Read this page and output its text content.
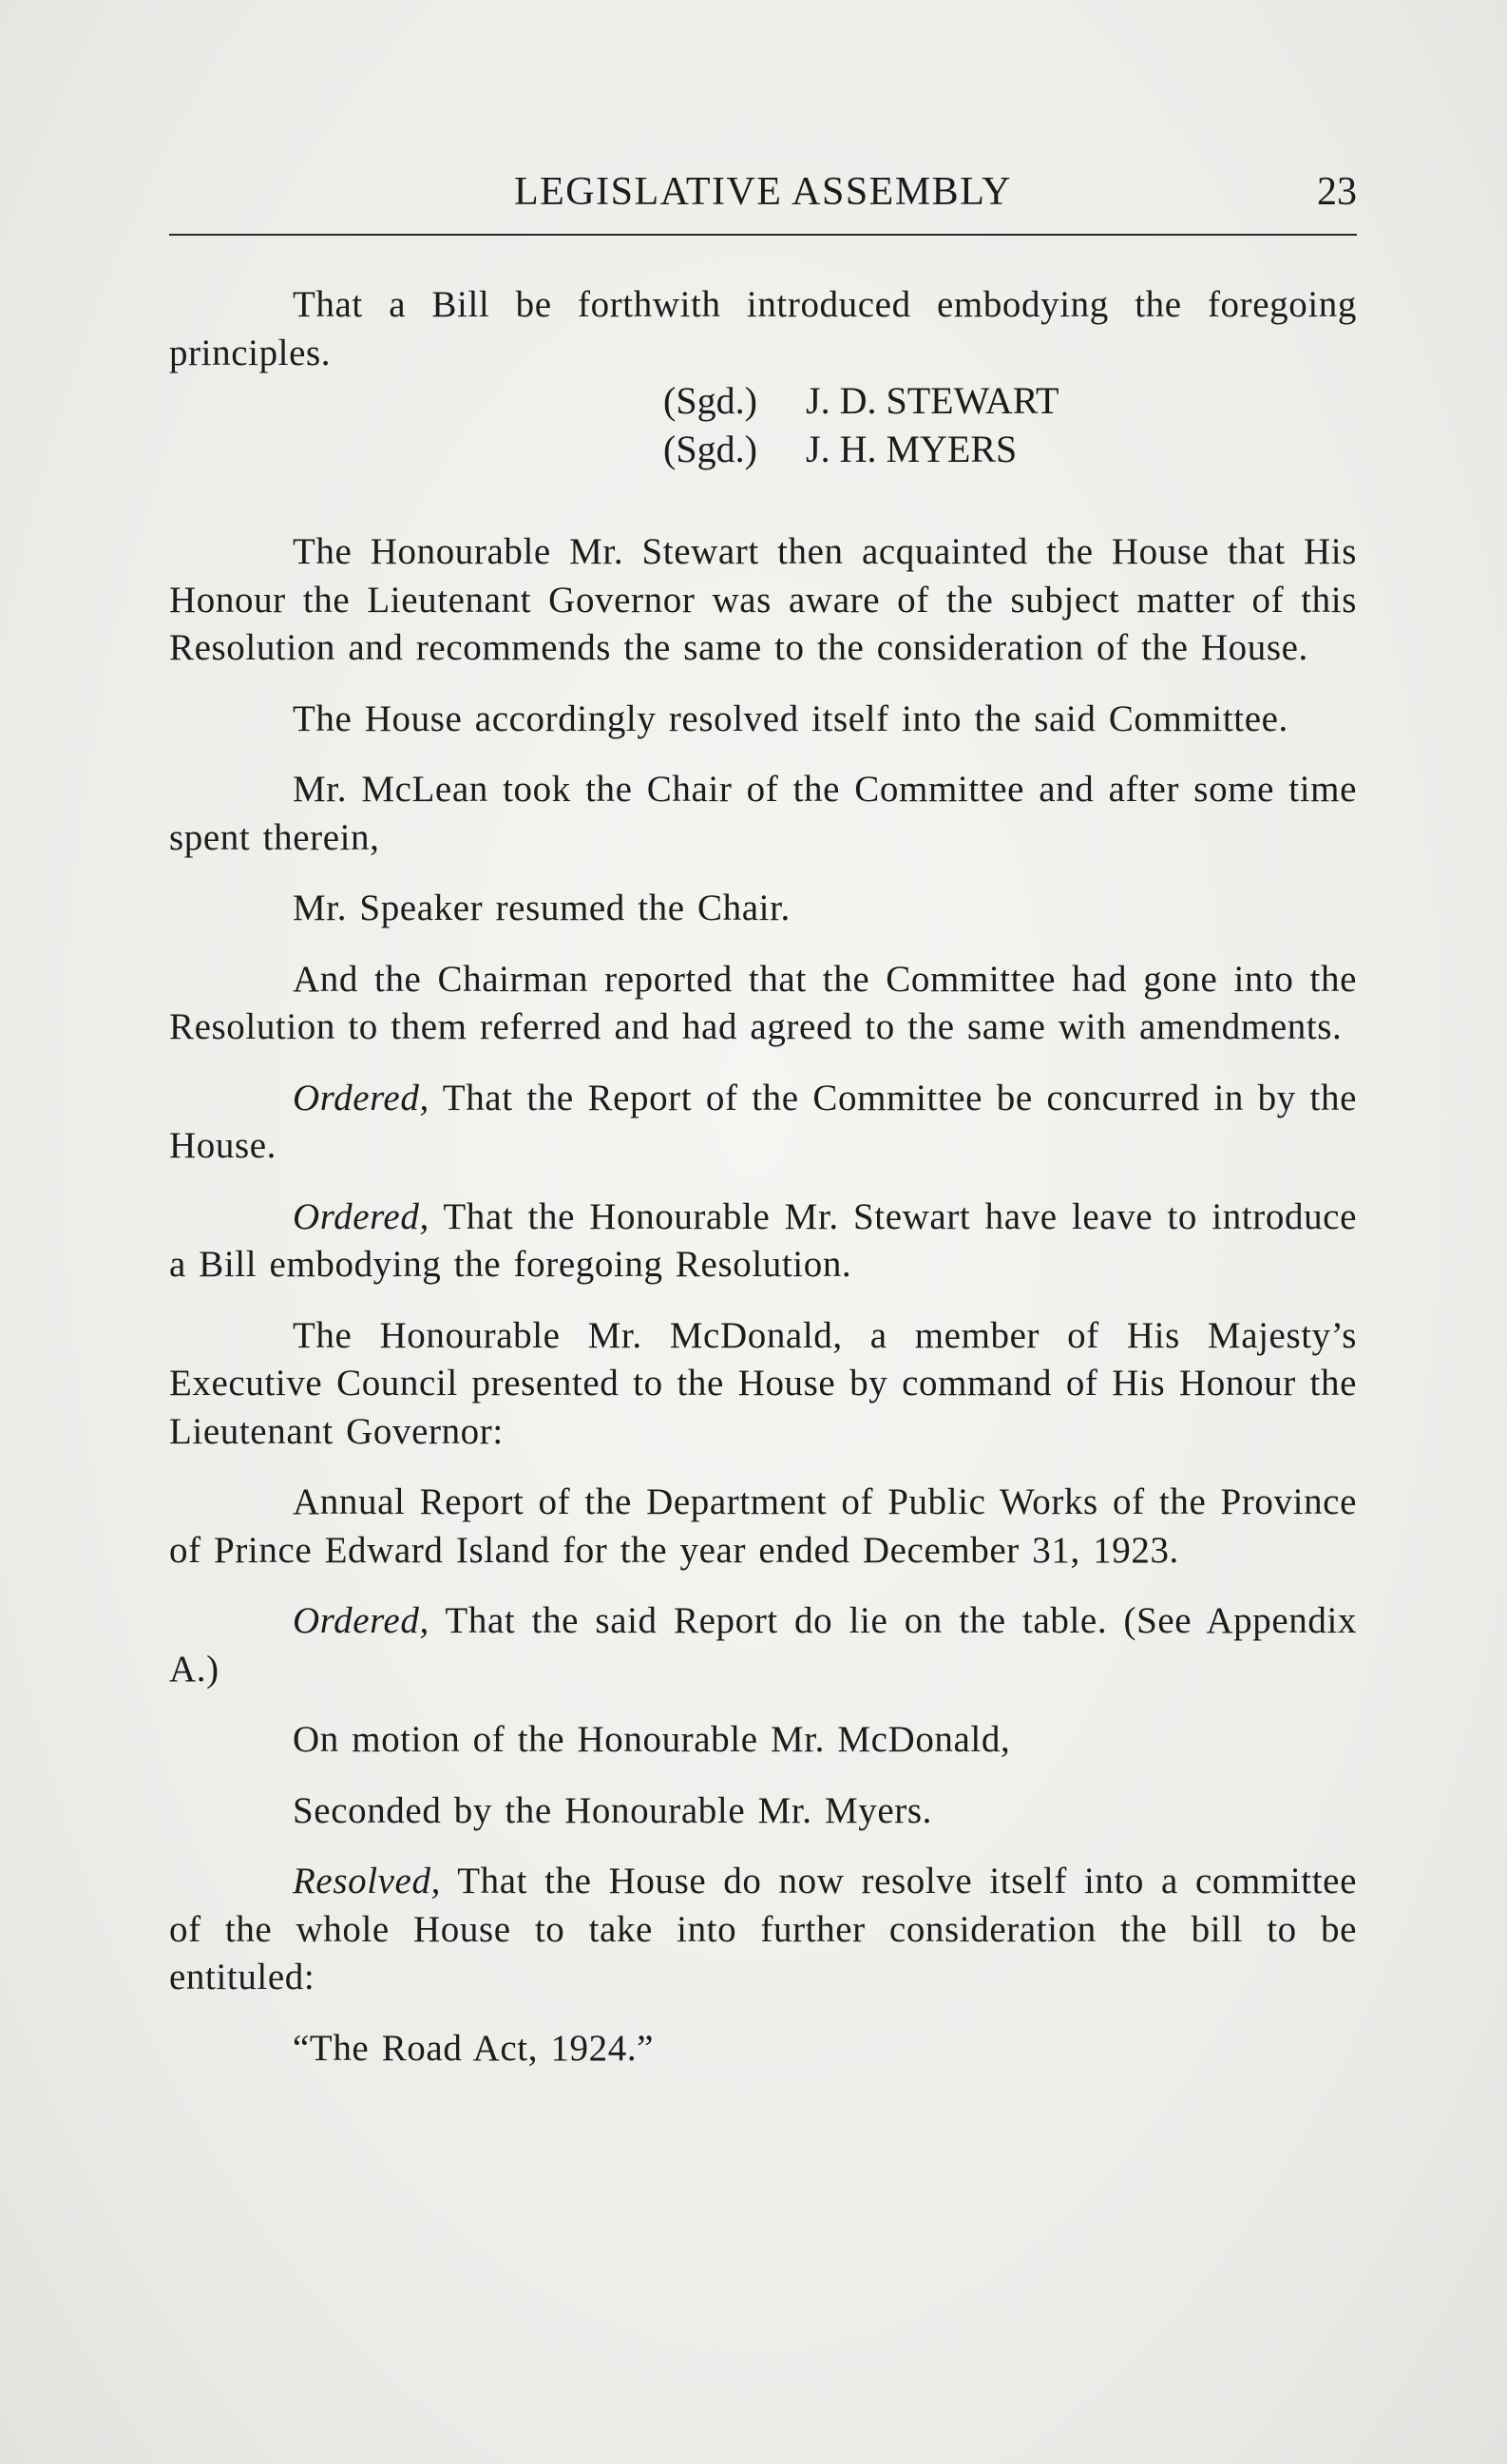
LEGISLATIVE ASSEMBLY	23

That a Bill be forthwith introduced embodying the foregoing principles.

(Sgd.) J. D. STEWART
(Sgd.) J. H. MYERS

The Honourable Mr. Stewart then acquainted the House that His Honour the Lieutenant Governor was aware of the subject matter of this Resolution and recommends the same to the consideration of the House.

The House accordingly resolved itself into the said Committee.

Mr. McLean took the Chair of the Committee and after some time spent therein,

Mr. Speaker resumed the Chair.

And the Chairman reported that the Committee had gone into the Resolution to them referred and had agreed to the same with amendments.

Ordered, That the Report of the Committee be concurred in by the House.

Ordered, That the Honourable Mr. Stewart have leave to introduce a Bill embodying the foregoing Resolution.

The Honourable Mr. McDonald, a member of His Majesty’s Executive Council presented to the House by command of His Honour the Lieutenant Governor:

Annual Report of the Department of Public Works of the Province of Prince Edward Island for the year ended December 31, 1923.

Ordered, That the said Report do lie on the table. (See Appendix A.)

On motion of the Honourable Mr. McDonald,

Seconded by the Honourable Mr. Myers.

Resolved, That the House do now resolve itself into a committee of the whole House to take into further consideration the bill to be entituled:

“The Road Act, 1924.”
